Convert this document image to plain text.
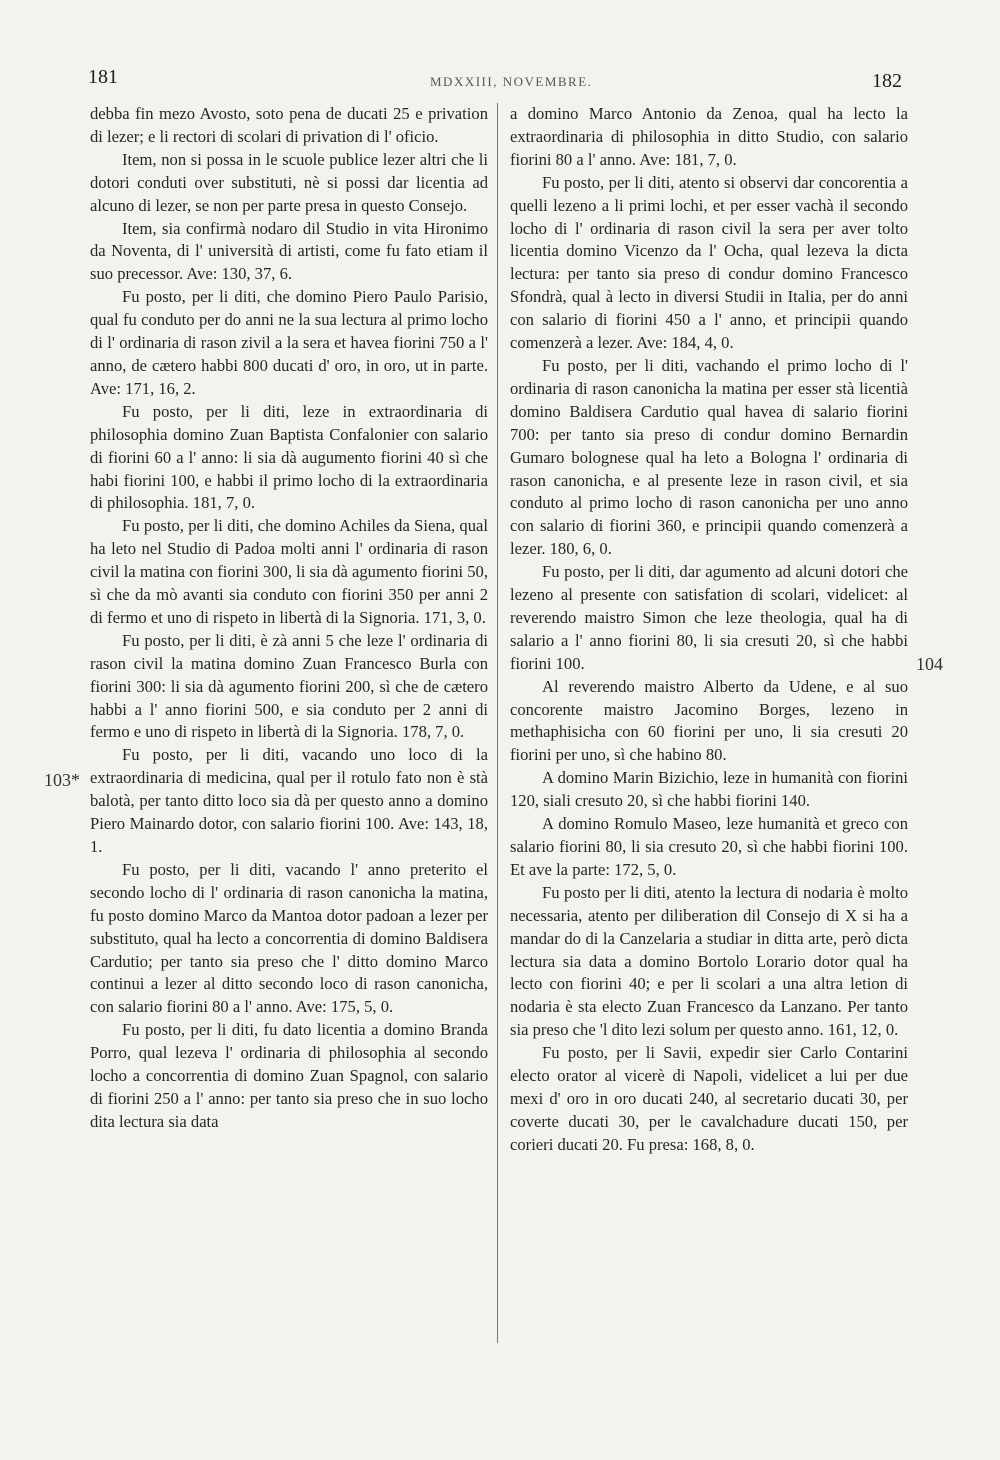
181	MDXXIII, NOVEMBRE.	182
103*
104

debba fin mezo Avosto, soto pena de ducati 25 e privation di lezer; e li rectori di scolari di privation di l' oficio.

Item, non si possa in le scuole publice lezer altri che li dotori conduti over substituti, nè si possi dar licentia ad alcuno di lezer, se non per parte presa in questo Consejo.

Item, sia confirmà nodaro dil Studio in vita Hironimo da Noventa, di l' università di artisti, come fu fato etiam il suo precessor. Ave: 130, 37, 6.

Fu posto, per li diti, che domino Piero Paulo Parisio, qual fu conduto per do anni ne la sua lectura al primo locho di l' ordinaria di rason zivil a la sera et havea fiorini 750 a l' anno, de cætero habbi 800 ducati d' oro, in oro, ut in parte. Ave: 171, 16, 2.

Fu posto, per li diti, leze in extraordinaria di philosophia domino Zuan Baptista Confalonier con salario di fiorini 60 a l' anno: li sia dà augumento fiorini 40 sì che habi fiorini 100, e habbi il primo locho di la extraordinaria di philosophia. 181, 7, 0.

Fu posto, per li diti, che domino Achiles da Siena, qual ha leto nel Studio di Padoa molti anni l' ordinaria di rason civil la matina con fiorini 300, li sia dà agumento fiorini 50, sì che da mò avanti sia conduto con fiorini 350 per anni 2 di fermo et uno di rispeto in libertà di la Signoria. 171, 3, 0.

Fu posto, per li diti, è zà anni 5 che leze l' ordinaria di rason civil la matina domino Zuan Francesco Burla con fiorini 300: li sia dà agumento fiorini 200, sì che de cætero habbi a l' anno fiorini 500, e sia conduto per 2 anni di fermo e uno di rispeto in libertà di la Signoria. 178, 7, 0.

Fu posto, per li diti, vacando uno loco di la extraordinaria di medicina, qual per il rotulo fato non è stà balotà, per tanto ditto loco sia dà per questo anno a domino Piero Mainardo dotor, con salario fiorini 100. Ave: 143, 18, 1.

Fu posto, per li diti, vacando l' anno preterito el secondo locho di l' ordinaria di rason canonicha la matina, fu posto domino Marco da Mantoa dotor padoan a lezer per substituto, qual ha lecto a concorrentia di domino Baldisera Cardutio; per tanto sia preso che l' ditto domino Marco continui a lezer al ditto secondo loco di rason canonicha, con salario fiorini 80 a l' anno. Ave: 175, 5, 0.

Fu posto, per li diti, fu dato licentia a domino Branda Porro, qual lezeva l' ordinaria di philosophia al secondo locho a concorrentia di domino Zuan Spagnol, con salario di fiorini 250 a l' anno: per tanto sia preso che in suo locho dita lectura sia data

a domino Marco Antonio da Zenoa, qual ha lecto la extraordinaria di philosophia in ditto Studio, con salario fiorini 80 a l' anno. Ave: 181, 7, 0.

Fu posto, per li diti, atento si observi dar concorentia a quelli lezeno a li primi lochi, et per esser vachà il secondo locho di l' ordinaria di rason civil la sera per aver tolto licentia domino Vicenzo da l' Ocha, qual lezeva la dicta lectura: per tanto sia preso di condur domino Francesco Sfondrà, qual à lecto in diversi Studii in Italia, per do anni con salario di fiorini 450 a l' anno, et principii quando comenzerà a lezer. Ave: 184, 4, 0.

Fu posto, per li diti, vachando el primo locho di l' ordinaria di rason canonicha la matina per esser stà licentià domino Baldisera Cardutio qual havea di salario fiorini 700: per tanto sia preso di condur domino Bernardin Gumaro bolognese qual ha leto a Bologna l' ordinaria di rason canonicha, e al presente leze in rason civil, et sia conduto al primo locho di rason canonicha per uno anno con salario di fiorini 360, e principii quando comenzerà a lezer. 180, 6, 0.

Fu posto, per li diti, dar agumento ad alcuni dotori che lezeno al presente con satisfation di scolari, videlicet: al reverendo maistro Simon che leze theologia, qual ha di salario a l' anno fiorini 80, li sia cresuti 20, sì che habbi fiorini 100.

Al reverendo maistro Alberto da Udene, e al suo concorente maistro Jacomino Borges, lezeno in methaphisicha con 60 fiorini per uno, li sia cresuti 20 fiorini per uno, sì che habino 80.

A domino Marin Bizichio, leze in humanità con fiorini 120, siali cresuto 20, sì che habbi fiorini 140.

A domino Romulo Maseo, leze humanità et greco con salario fiorini 80, li sia cresuto 20, sì che habbi fiorini 100. Et ave la parte: 172, 5, 0.

Fu posto per li diti, atento la lectura di nodaria è molto necessaria, atento per diliberation dil Consejo di X si ha a mandar do di la Canzelaria a studiar in ditta arte, però dicta lectura sia data a domino Bortolo Lorario dotor qual ha lecto con fiorini 40; e per li scolari a una altra letion di nodaria è sta electo Zuan Francesco da Lanzano. Per tanto sia preso che 'l dito lezi solum per questo anno. 161, 12, 0.

Fu posto, per li Savii, expedir sier Carlo Contarini electo orator al vicerè di Napoli, videlicet a lui per due mexi d' oro in oro ducati 240, al secretario ducati 30, per coverte ducati 30, per le cavalchadure ducati 150, per corieri ducati 20. Fu presa: 168, 8, 0.
